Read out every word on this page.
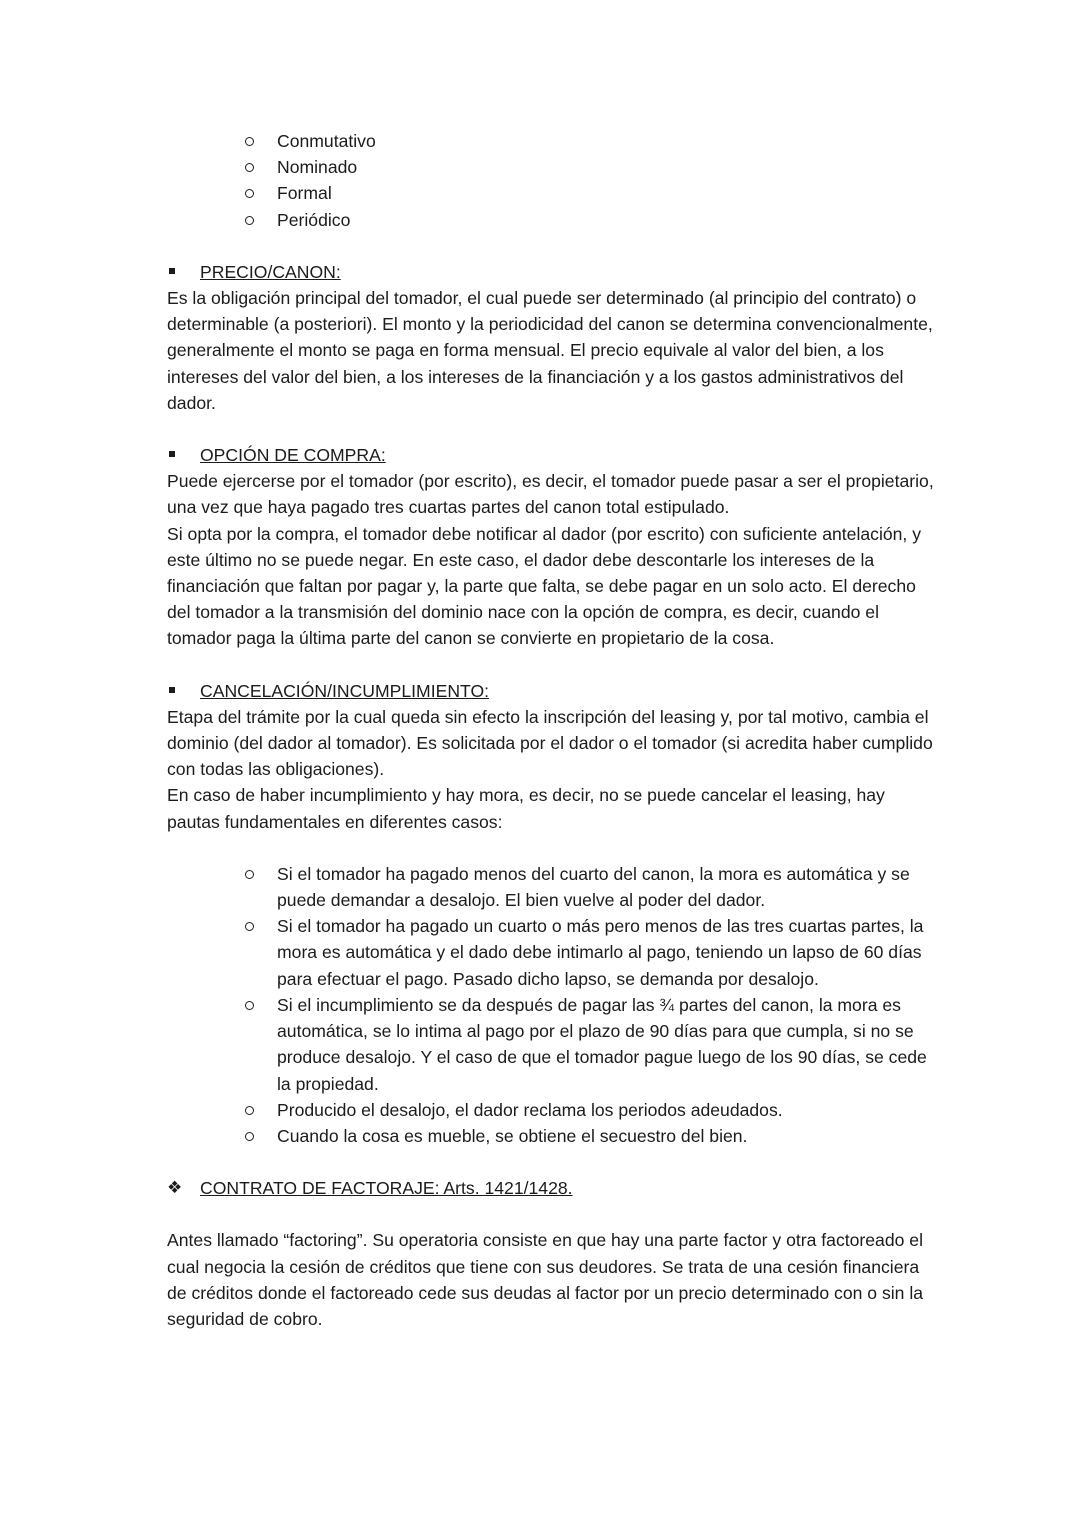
Conmutativo
Nominado
Formal
Periódico
PRECIO/CANON:

Es la obligación principal del tomador, el cual puede ser determinado (al principio del contrato) o determinable (a posteriori). El monto y la periodicidad del canon se determina convencionalmente, generalmente el monto se paga en forma mensual. El precio equivale al valor del bien, a los intereses del valor del bien, a los intereses de la financiación y a los gastos administrativos del dador.

OPCIÓN DE COMPRA:

Puede ejercerse por el tomador (por escrito), es decir, el tomador puede pasar a ser el propietario, una vez que haya pagado tres cuartas partes del canon total estipulado.

Si opta por la compra, el tomador debe notificar al dador (por escrito) con suficiente antelación, y este último no se puede negar. En este caso, el dador debe descontarle los intereses de la financiación que faltan por pagar y, la parte que falta, se debe pagar en un solo acto. El derecho del tomador a la transmisión del dominio nace con la opción de compra, es decir, cuando el tomador paga la última parte del canon se convierte en propietario de la cosa.

CANCELACIÓN/INCUMPLIMIENTO:

Etapa del trámite por la cual queda sin efecto la inscripción del leasing y, por tal motivo, cambia el dominio (del dador al tomador). Es solicitada por el dador o el tomador (si acredita haber cumplido con todas las obligaciones).

En caso de haber incumplimiento y hay mora, es decir, no se puede cancelar el leasing, hay pautas fundamentales en diferentes casos:

Si el tomador ha pagado menos del cuarto del canon, la mora es automática y se puede demandar a desalojo. El bien vuelve al poder del dador.
Si el tomador ha pagado un cuarto o más pero menos de las tres cuartas partes, la mora es automática y el dado debe intimarlo al pago, teniendo un lapso de 60 días para efectuar el pago. Pasado dicho lapso, se demanda por desalojo.
Si el incumplimiento se da después de pagar las ¾ partes del canon, la mora es automática, se lo intima al pago por el plazo de 90 días para que cumpla, si no se produce desalojo. Y el caso de que el tomador pague luego de los 90 días, se cede la propiedad.
Producido el desalojo, el dador reclama los periodos adeudados.
Cuando la cosa es mueble, se obtiene el secuestro del bien.
❖ CONTRATO DE FACTORAJE: Arts. 1421/1428.

Antes llamado “factoring”. Su operatoria consiste en que hay una parte factor y otra factoreado el cual negocia la cesión de créditos que tiene con sus deudores. Se trata de una cesión financiera de créditos donde el factoreado cede sus deudas al factor por un precio determinado con o sin la seguridad de cobro.
